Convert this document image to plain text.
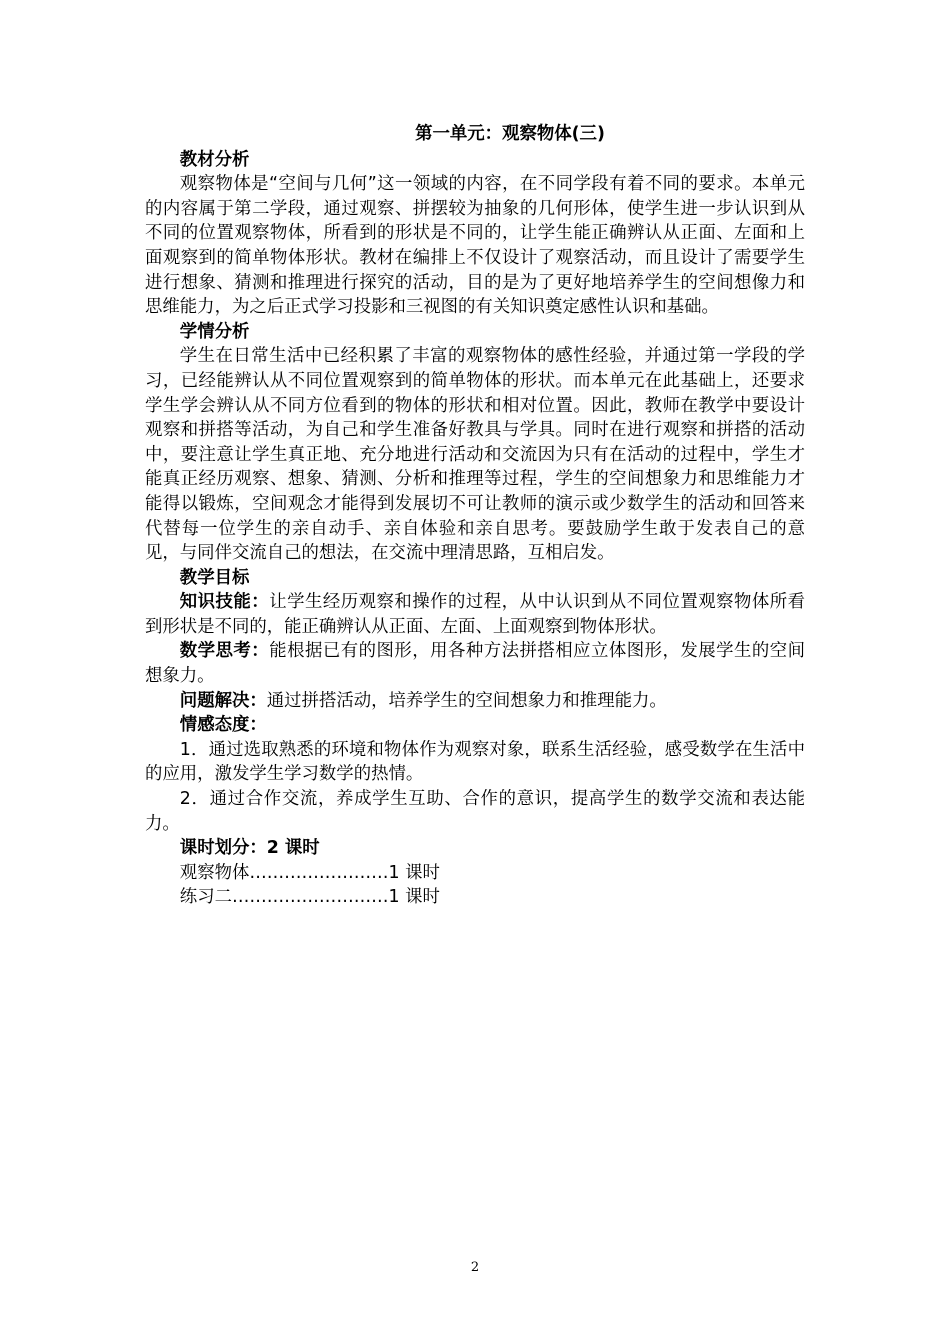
第一单元：观察物体(三)

教材分析

观察物体是“空间与几何”这一领域的内容，在不同学段有着不同的要求。本单元的内容属于第二学段，通过观察、拼摆较为抽象的几何形体，使学生进一步认识到从不同的位置观察物体，所看到的形状是不同的，让学生能正确辨认从正面、左面和上面观察到的简单物体形状。教材在编排上不仅设计了观察活动，而且设计了需要学生进行想象、猜测和推理进行探究的活动，目的是为了更好地培养学生的空间想像力和思维能力，为之后正式学习投影和三视图的有关知识奠定感性认识和基础。

学情分析

学生在日常生活中已经积累了丰富的观察物体的感性经验，并通过第一学段的学习，已经能辨认从不同位置观察到的简单物体的形状。而本单元在此基础上，还要求学生学会辨认从不同方位看到的物体的形状和相对位置。因此，教师在教学中要设计观察和拼搭等活动，为自己和学生准备好教具与学具。同时在进行观察和拼搭的活动中，要注意让学生真正地、充分地进行活动和交流因为只有在活动的过程中，学生才能真正经历观察、想象、猜测、分析和推理等过程，学生的空间想象力和思维能力才能得以锻炼，空间观念才能得到发展切不可让教师的演示或少数学生的活动和回答来代替每一位学生的亲自动手、亲自体验和亲自思考。要鼓励学生敢于发表自己的意见，与同伴交流自己的想法，在交流中理清思路，互相启发。

教学目标

知识技能：让学生经历观察和操作的过程，从中认识到从不同位置观察物体所看到形状是不同的，能正确辨认从正面、左面、上面观察到物体形状。

数学思考：能根据已有的图形，用各种方法拼搭相应立体图形，发展学生的空间想象力。

问题解决：通过拼搭活动，培养学生的空间想象力和推理能力。

情感态度：

1．通过选取熟悉的环境和物体作为观察对象，联系生活经验，感受数学在生活中的应用，激发学生学习数学的热情。

2．通过合作交流，养成学生互助、合作的意识，提高学生的数学交流和表达能力。

课时划分：2 课时

观察物体……………………1 课时

练习二………………………1 课时

2
